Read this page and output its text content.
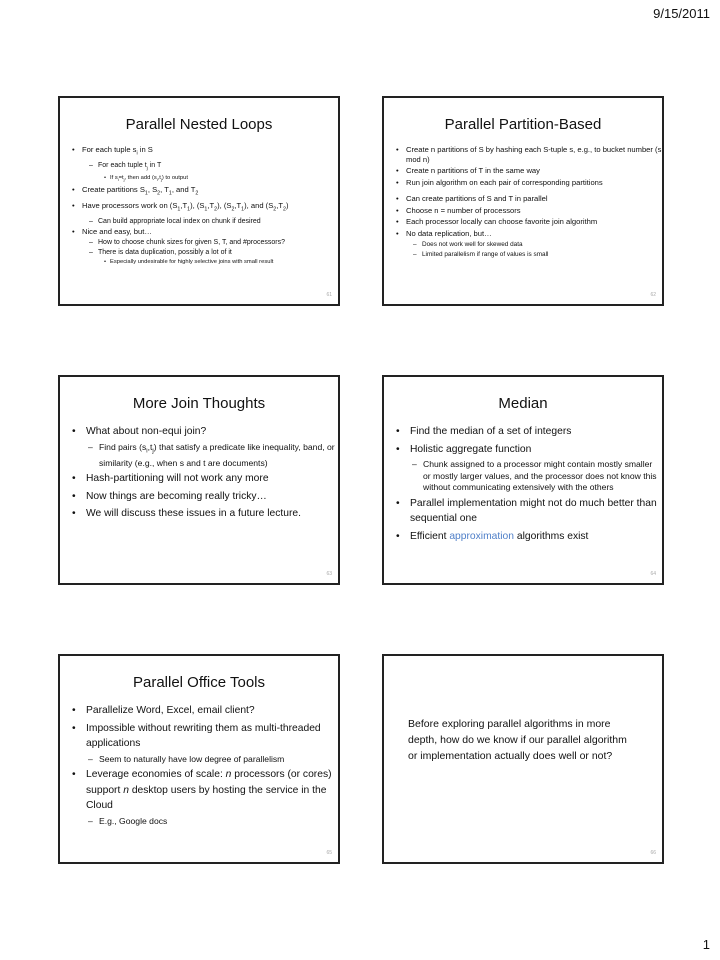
9/15/2011
Parallel Nested Loops
• For each tuple $s_i$ in S
– For each tuple $t_j$ in T
• If $s_i=t_j$, then add $(s_i,t_j)$ to output
• Create partitions $S_1$, $S_2$, $T_1$, and $T_2$
• Have processors work on $(S_1,T_1)$, $(S_1,T_2)$, $(S_2,T_1)$, and $(S_2,T_2)$
– Can build appropriate local index on chunk if desired
• Nice and easy, but…
– How to choose chunk sizes for given S, T, and #processors?
– There is data duplication, possibly a lot of it
• Especially undesirable for highly selective joins with small result
61
Parallel Partition-Based
• Create n partitions of S by hashing each S-tuple s, e.g., to bucket number (s mod n)
• Create n partitions of T in the same way
• Run join algorithm on each pair of corresponding partitions
• Can create partitions of S and T in parallel
• Choose n = number of processors
• Each processor locally can choose favorite join algorithm
• No data replication, but…
– Does not work well for skewed data
– Limited parallelism if range of values is small
62
More Join Thoughts
• What about non-equi join?
– Find pairs $(s_i,t_j)$ that satisfy a predicate like inequality, band, or similarity (e.g., when s and t are documents)
• Hash-partitioning will not work any more
• Now things are becoming really tricky…
• We will discuss these issues in a future lecture.
63
Median
• Find the median of a set of integers
• Holistic aggregate function
– Chunk assigned to a processor might contain mostly smaller or mostly larger values, and the processor does not know this without communicating extensively with the others
• Parallel implementation might not do much better than sequential one
• Efficient approximation algorithms exist
64
Parallel Office Tools
• Parallelize Word, Excel, email client?
• Impossible without rewriting them as multi-threaded applications
– Seem to naturally have low degree of parallelism
• Leverage economies of scale: n processors (or cores) support n desktop users by hosting the service in the Cloud
– E.g., Google docs
65
Before exploring parallel algorithms in more depth, how do we know if our parallel algorithm or implementation actually does well or not?
66
1
